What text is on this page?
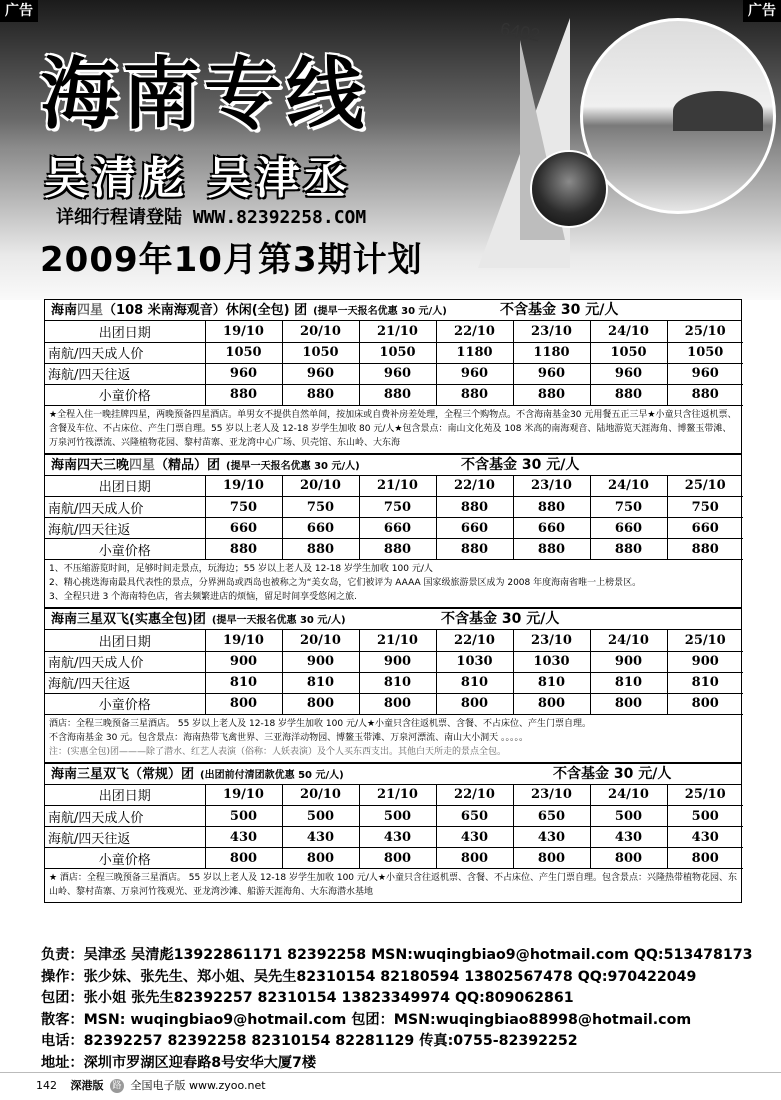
6402
海南专线
吴清彪 吴津丞
详细行程请登陆 WWW.82392258.COM
2009年10月第3期计划
广告	广告
海南四星（108 米南海观音）休闲(全包) 团 (提早一天报名优惠 30 元/人)	不含基金 30 元/人
出团日期	19/10	20/10	21/10	22/10	23/10	24/10	25/10
南航/四天成人价	1050	1050	1050	1180	1180	1050	1050
海航/四天往返	960	960	960	960	960	960	960
小童价格	880	880	880	880	880	880	880
★全程入住一晚挂牌四星，两晚预备四星酒店。单男女不提供自然单间，按加床或自费补房差处理，全程三个购物点。不含海南基金30 元用餐五正三早★小童只含往返机票、含餐及车位、不占床位、产生门票自理。55 岁以上老人及 12-18 岁学生加收 80 元/人★包含景点：南山文化苑及 108 米高的南海观音、陆地游览天涯海角、博鳌玉带滩、万泉河竹筏漂流、兴隆植物花园、黎村苗寨、亚龙湾中心广场、贝壳馆、东山岭、大东海
海南四天三晚四星（精品）团 (提早一天报名优惠 30 元/人)	不含基金 30 元/人
出团日期	19/10	20/10	21/10	22/10	23/10	24/10	25/10
南航/四天成人价	750	750	750	880	880	750	750
海航/四天往返	660	660	660	660	660	660	660
小童价格	880	880	880	880	880	880	880
1、不压缩游览时间，足够时间走景点，玩海边；55 岁以上老人及 12-18 岁学生加收 100 元/人
2、精心挑选海南最具代表性的景点，分界洲岛或西岛也被称之为“美女岛，它们被评为 AAAA 国家级旅游景区成为 2008 年度海南省唯一上榜景区。
3、全程只进 3 个海南特色店，省去频繁进店的烦恼，留足时间享受悠闲之旅.
海南三星双飞(实惠全包)团 (提早一天报名优惠 30 元/人)	不含基金 30 元/人
出团日期	19/10	20/10	21/10	22/10	23/10	24/10	25/10
南航/四天成人价	900	900	900	1030	1030	900	900
海航/四天往返	810	810	810	810	810	810	810
小童价格	800	800	800	800	800	800	800
酒店：全程三晚预备三星酒店。 55 岁以上老人及 12-18 岁学生加收 100 元/人★小童只含往返机票、含餐、不占床位、产生门票自理。
不含海南基金 30 元。包含景点：海南热带飞禽世界、三亚海洋动物园、博鳌玉带滩、万泉河漂流、南山大小洞天 。。。。。
注：(实惠全包)团———除了潜水、红艺人表演（俗称：人妖表演）及个人买东西支出。其他白天所走的景点全包。
海南三星双飞（常规）团 (出团前付清团款优惠 50 元/人)	不含基金 30 元/人
出团日期	19/10	20/10	21/10	22/10	23/10	24/10	25/10
南航/四天成人价	500	500	500	650	650	500	500
海航/四天往返	430	430	430	430	430	430	430
小童价格	800	800	800	800	800	800	800
★ 酒店：全程三晚预备三星酒店。 55 岁以上老人及 12-18 岁学生加收 100 元/人★小童只含往返机票、含餐、不占床位、产生门票自理。包含景点：兴隆热带植物花园、东山岭、黎村苗寨、万泉河竹筏观光、亚龙湾沙滩、船游天涯海角、大东海潜水基地
负责：吴津丞 吴清彪13922861171 82392258 MSN:wuqingbiao9@hotmail.com QQ:513478173
操作：张少妹、张先生、郑小姐、吴先生82310154 82180594 13802567478 QQ:970422049
包团：张小姐 张先生82392257 82310154 13823349974 QQ:809062861
散客：MSN: wuqingbiao9@hotmail.com 包团：MSN:wuqingbiao88998@hotmail.com
电话：82392257 82392258 82310154 82281129 传真:0755-82392252
地址：深圳市罗湖区迎春路8号安华大厦7楼
142 深港版 路 全国电子版 www.zyoo.net
